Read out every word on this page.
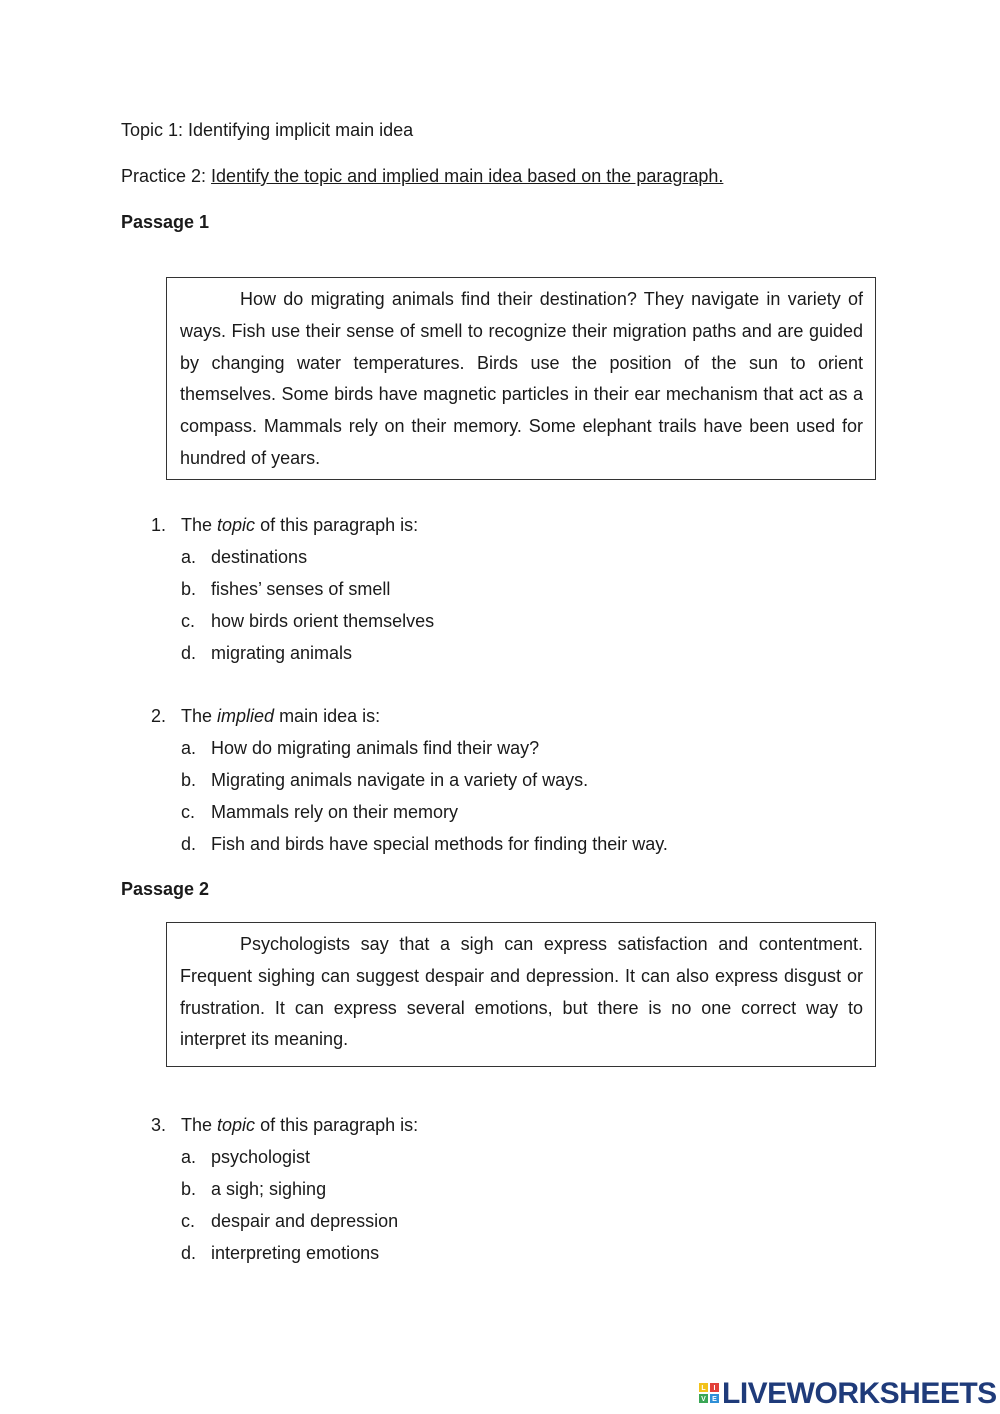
Topic 1: Identifying implicit main idea
Practice 2: Identify the topic and implied main idea based on the paragraph.
Passage 1

How do migrating animals find their destination? They navigate in variety of ways. Fish use their sense of smell to recognize their migration paths and are guided by changing water temperatures. Birds use the position of the sun to orient themselves. Some birds have magnetic particles in their ear mechanism that act as a compass. Mammals rely on their memory. Some elephant trails have been used for hundred of years.

1. The topic of this paragraph is:
a. destinations
b. fishes’ senses of smell
c. how birds orient themselves
d. migrating animals
2. The implied main idea is:
a. How do migrating animals find their way?
b. Migrating animals navigate in a variety of ways.
c. Mammals rely on their memory
d. Fish and birds have special methods for finding their way.
Passage 2

Psychologists say that a sigh can express satisfaction and contentment. Frequent sighing can suggest despair and depression. It can also express disgust or frustration. It can express several emotions, but there is no one correct way to interpret its meaning.

3. The topic of this paragraph is:
a. psychologist
b. a sigh; sighing
c. despair and depression
d. interpreting emotions
L I
V E LIVEWORKSHEETS
